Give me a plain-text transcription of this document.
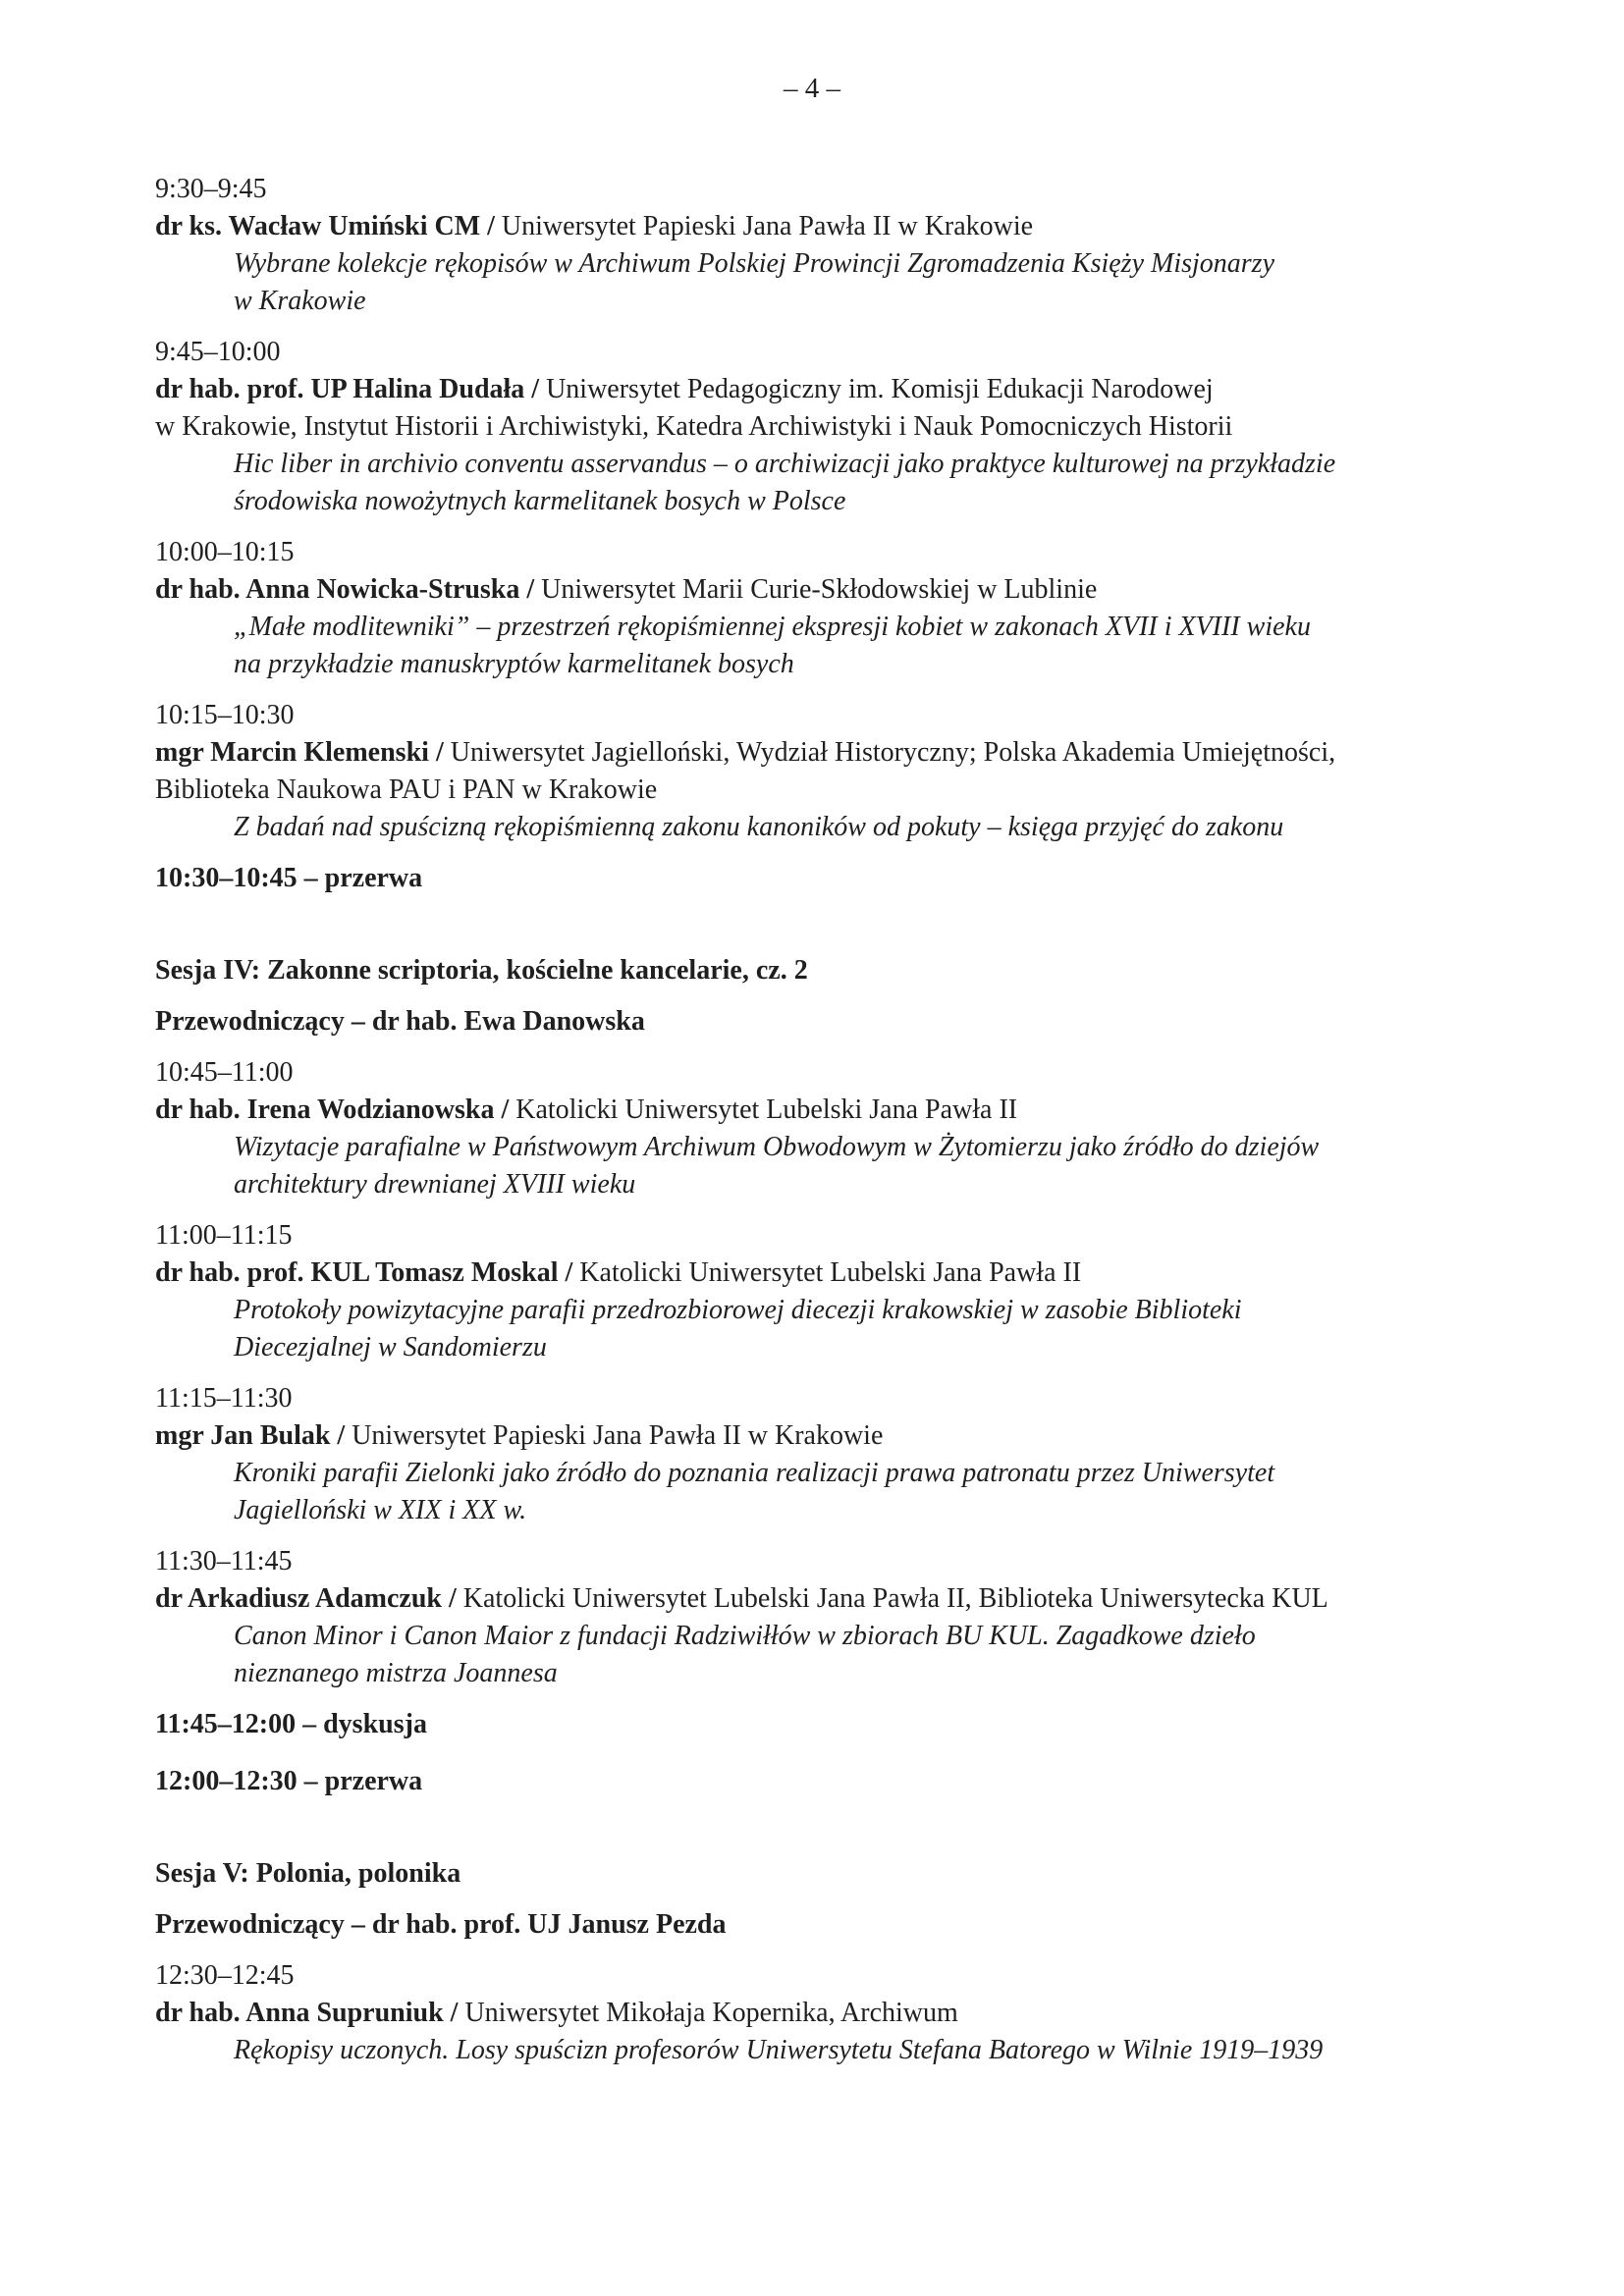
– 4 –
9:30–9:45
dr ks. Wacław Umiński CM / Uniwersytet Papieski Jana Pawła II w Krakowie
Wybrane kolekcje rękopisów w Archiwum Polskiej Prowincji Zgromadzenia Księży Misjonarzy
w Krakowie
9:45–10:00
dr hab. prof. UP Halina Dudała / Uniwersytet Pedagogiczny im. Komisji Edukacji Narodowej
w Krakowie, Instytut Historii i Archiwistyki, Katedra Archiwistyki i Nauk Pomocniczych Historii
Hic liber in archivio conventu asservandus – o archiwizacji jako praktyce kulturowej na przykładzie
środowiska nowożytnych karmelitanek bosych w Polsce
10:00–10:15
dr hab. Anna Nowicka-Struska / Uniwersytet Marii Curie-Skłodowskiej w Lublinie
„Małe modlitewniki” – przestrzeń rękopiśmiennej ekspresji kobiet w zakonach XVII i XVIII wieku
na przykładzie manuskryptów karmelitanek bosych
10:15–10:30
mgr Marcin Klemenski / Uniwersytet Jagielloński, Wydział Historyczny; Polska Akademia Umiejętności,
Biblioteka Naukowa PAU i PAN w Krakowie
Z badań nad spuścizną rękopiśmienną zakonu kanoników od pokuty – księga przyjęć do zakonu
10:30–10:45 – przerwa
Sesja IV: Zakonne scriptoria, kościelne kancelarie, cz. 2
Przewodniczący – dr hab. Ewa Danowska
10:45–11:00
dr hab. Irena Wodzianowska / Katolicki Uniwersytet Lubelski Jana Pawła II
Wizytacje parafialne w Państwowym Archiwum Obwodowym w Żytomierzu jako źródło do dziejów
architektury drewnianej XVIII wieku
11:00–11:15
dr hab. prof. KUL Tomasz Moskal / Katolicki Uniwersytet Lubelski Jana Pawła II
Protokoły powizytacyjne parafii przedrozbiorowej diecezji krakowskiej w zasobie Biblioteki
Diecezjalnej w Sandomierzu
11:15–11:30
mgr Jan Bulak / Uniwersytet Papieski Jana Pawła II w Krakowie
Kroniki parafii Zielonki jako źródło do poznania realizacji prawa patronatu przez Uniwersytet
Jagielloński w XIX i XX w.
11:30–11:45
dr Arkadiusz Adamczuk / Katolicki Uniwersytet Lubelski Jana Pawła II, Biblioteka Uniwersytecka KUL
Canon Minor i Canon Maior z fundacji Radziwiłłów w zbiorach BU KUL. Zagadkowe dzieło
nieznanego mistrza Joannesa
11:45–12:00 – dyskusja
12:00–12:30 – przerwa
Sesja V: Polonia, polonika
Przewodniczący – dr hab. prof. UJ Janusz Pezda
12:30–12:45
dr hab. Anna Supruniuk / Uniwersytet Mikołaja Kopernika, Archiwum
Rękopisy uczonych. Losy spuścizn profesorów Uniwersytetu Stefana Batorego w Wilnie 1919–1939
